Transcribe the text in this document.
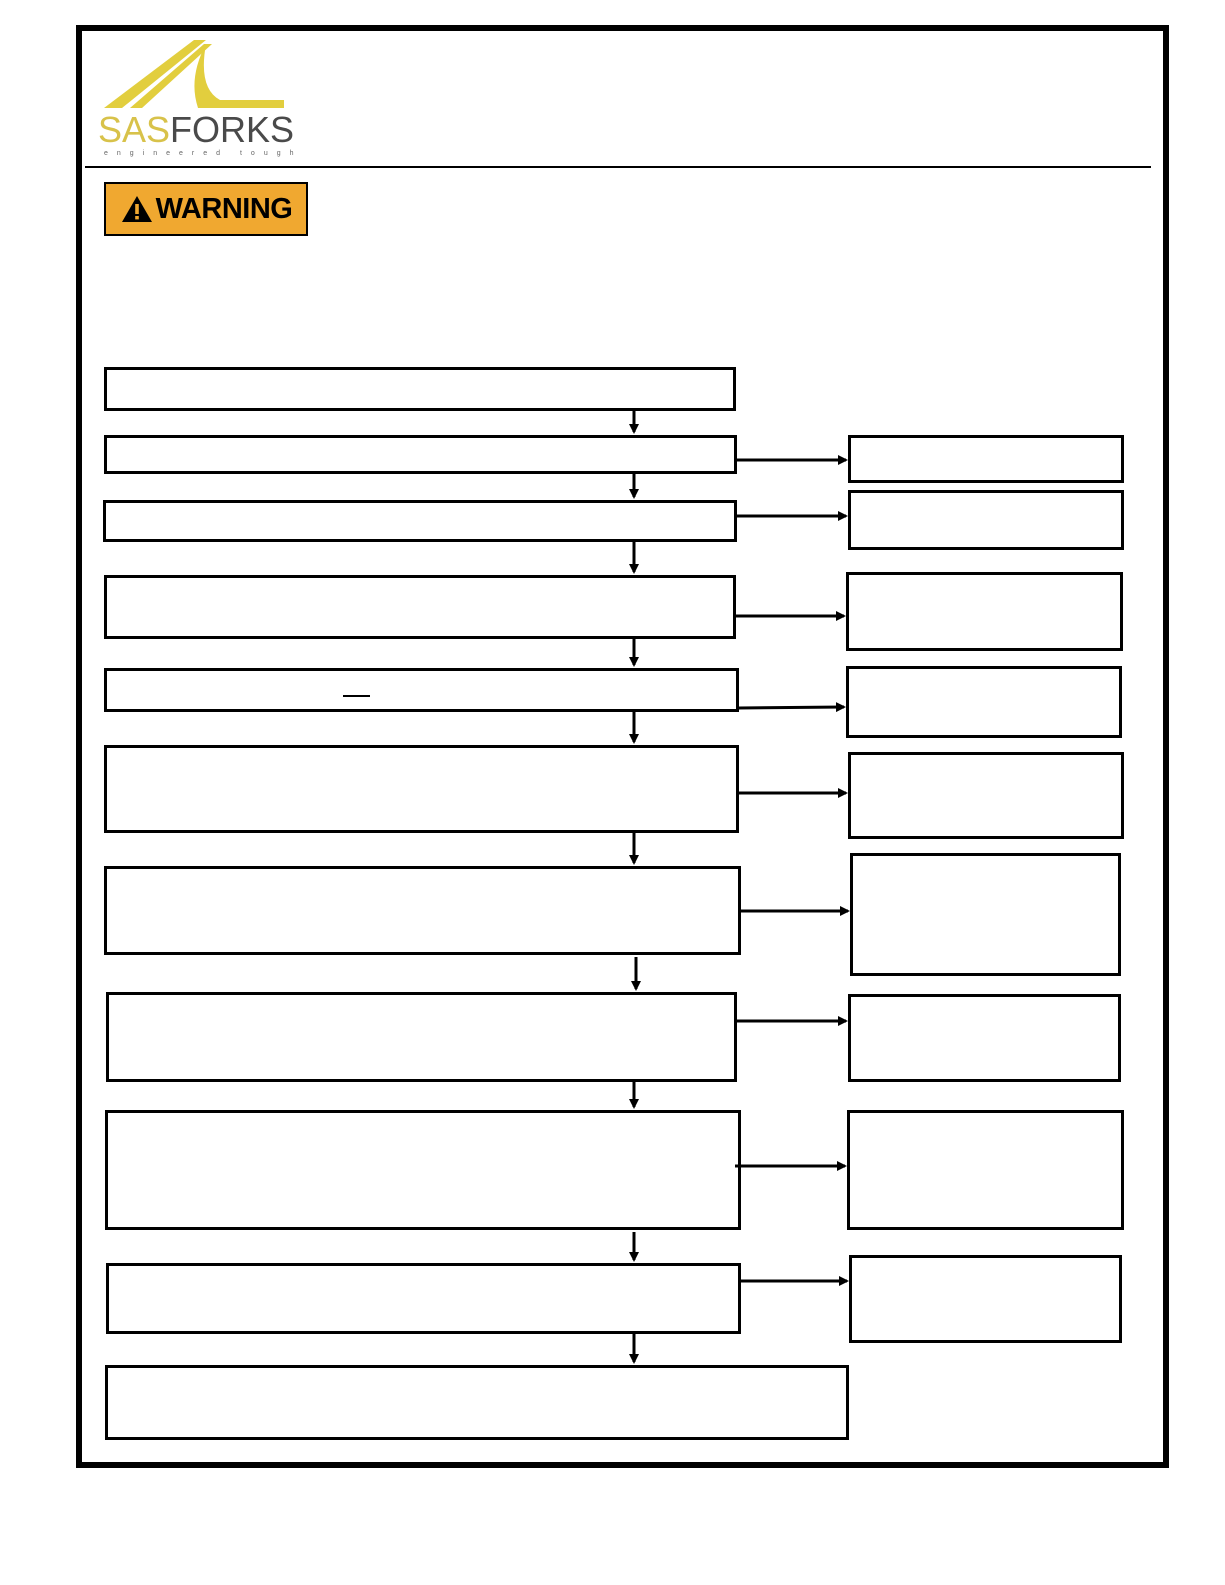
SASFORKS
engineered tough
WARNING
